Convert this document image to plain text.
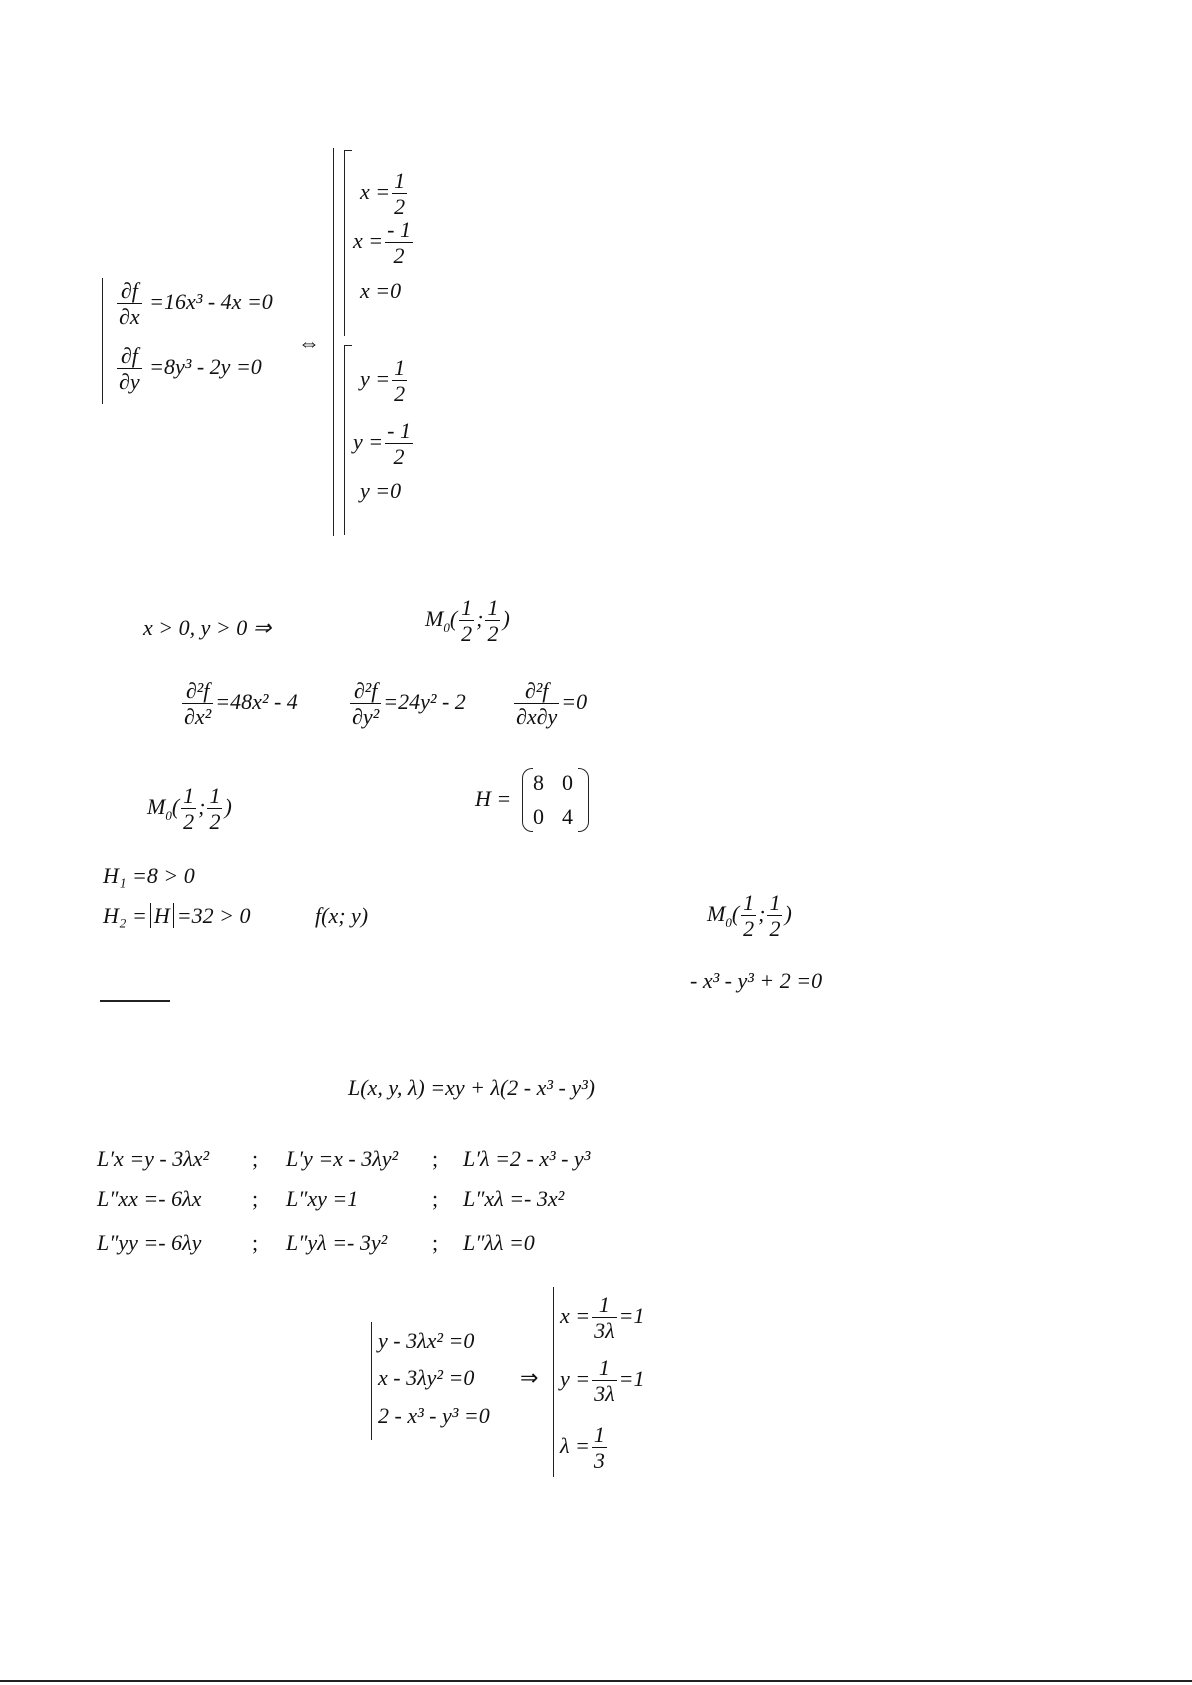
$\frac{\partial f}{\partial x} =16x^3 - 4x =0$
$\frac{\partial f}{\partial y} =8y^3 - 2y =0$
⇔
$x = \frac{1}{2}$
$x = \frac{- 1}{2}$
x =0
$y = \frac{1}{2}$
$y = \frac{- 1}{2}$
y =0
x > 0, y > 0 ⇒	$M_0( \frac{1}{2}$ ; $\frac{1}{2}$ )
$\frac{\text{∂²f}}{\text{∂x²}} =48x^2 - 4 \frac{\text{∂²f}}{\text{∂y²}} =24y^2 - 2 \frac{\text{∂²f}}{\partial x\partial y} =0$
$M_0( \frac{1}{2}$ ; $\frac{1}{2}$ )	H =
8 0
0 4
H₁ =8 > 0
H₂ = H =32 > 0	f(x; y)	$M_0( \frac{1}{2}$ ; $\frac{1}{2}$ )
- x³ - y³ + 2 =0
L(x, y, λ) =xy + λ(2 - x³ - y³)
L′x =y - 3λx² ; L′y =x - 3λy² ; L′λ =2 - x³ - y³
L″xx =- 6λx ; L″xy =1	; L″xλ =- 3x²
L″yy =- 6λy ; L″yλ =- 3y² ; L″λλ =0
y - 3λx² =0
x - 3λy² =0
2 - x³ - y³ =0
⇒
$x = \frac{1}{3\lambda} =1$
$y = \frac{1}{3\lambda} =1$
$\lambda = \frac{1}{3}$
